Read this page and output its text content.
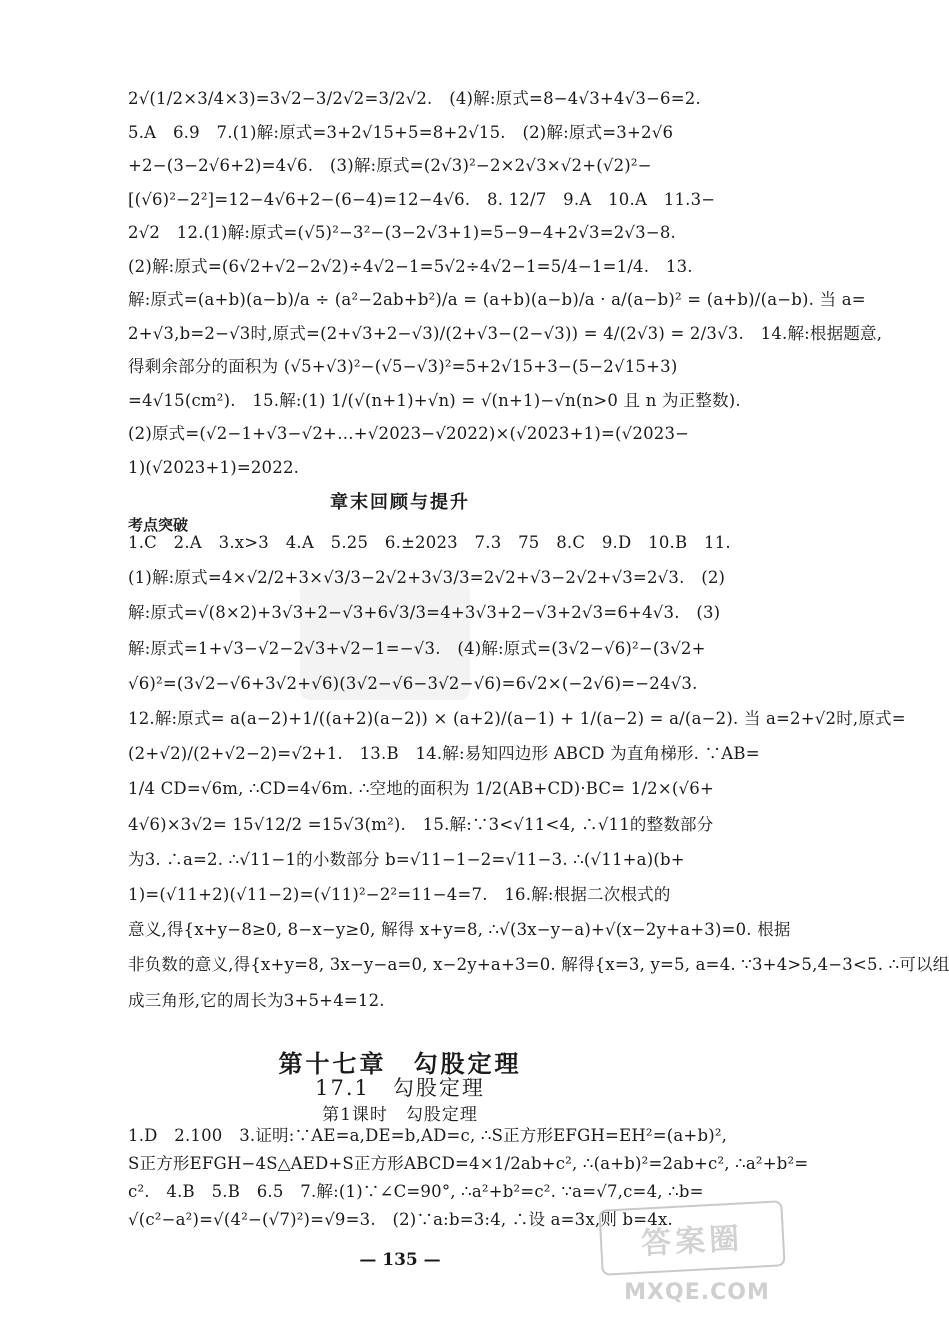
2√(1/2×3/4×3)=3√2−3/2√2=3/2√2.　(4)解:原式=8−4√3+4√3−6=2.
5.A　6.9　7.(1)解:原式=3+2√15+5=8+2√15.　(2)解:原式=3+2√6
+2−(3−2√6+2)=4√6.　(3)解:原式=(2√3)²−2×2√3×√2+(√2)²−
[(√6)²−2²]=12−4√6+2−(6−4)=12−4√6.　8. 12/7　9.A　10.A　11.3−
2√2　12.(1)解:原式=(√5)²−3²−(3−2√3+1)=5−9−4+2√3=2√3−8.
(2)解:原式=(6√2+√2−2√2)÷4√2−1=5√2÷4√2−1=5/4−1=1/4.　13.
解:原式=(a+b)(a−b)/a ÷ (a²−2ab+b²)/a = (a+b)(a−b)/a · a/(a−b)² = (a+b)/(a−b). 当 a=
2+√3,b=2−√3时,原式=(2+√3+2−√3)/(2+√3−(2−√3)) = 4/(2√3) = 2/3√3.　14.解:根据题意,
得剩余部分的面积为 (√5+√3)²−(√5−√3)²=5+2√15+3−(5−2√15+3)
=4√15(cm²).　15.解:(1) 1/(√(n+1)+√n) = √(n+1)−√n(n>0 且 n 为正整数).
(2)原式=(√2−1+√3−√2+…+√2023−√2022)×(√2023+1)=(√2023−
1)(√2023+1)=2022.
章末回顾与提升
考点突破
1.C　2.A　3.x>3　4.A　5.25　6.±2023　7.3　75　8.C　9.D　10.B　11.
(1)解:原式=4×√2/2+3×√3/3−2√2+3√3/3=2√2+√3−2√2+√3=2√3.　(2)
解:原式=√(8×2)+3√3+2−√3+6√3/3=4+3√3+2−√3+2√3=6+4√3.　(3)
解:原式=1+√3−√2−2√3+√2−1=−√3.　(4)解:原式=(3√2−√6)²−(3√2+
√6)²=(3√2−√6+3√2+√6)(3√2−√6−3√2−√6)=6√2×(−2√6)=−24√3.
12.解:原式= a(a−2)+1/((a+2)(a−2)) × (a+2)/(a−1) + 1/(a−2) = a/(a−2). 当 a=2+√2时,原式=
(2+√2)/(2+√2−2)=√2+1.　13.B　14.解:易知四边形 ABCD 为直角梯形. ∵AB=
1/4 CD=√6m, ∴CD=4√6m. ∴空地的面积为 1/2(AB+CD)·BC= 1/2×(√6+
4√6)×3√2= 15√12/2 =15√3(m²).　15.解:∵3<√11<4, ∴√11的整数部分
为3. ∴a=2. ∴√11−1的小数部分 b=√11−1−2=√11−3. ∴(√11+a)(b+
1)=(√11+2)(√11−2)=(√11)²−2²=11−4=7.　16.解:根据二次根式的
意义,得{x+y−8≥0, 8−x−y≥0, 解得 x+y=8, ∴√(3x−y−a)+√(x−2y+a+3)=0. 根据
非负数的意义,得{x+y=8, 3x−y−a=0, x−2y+a+3=0. 解得{x=3, y=5, a=4. ∵3+4>5,4−3<5. ∴可以组
成三角形,它的周长为3+5+4=12.
第十七章　勾股定理
17.1　勾股定理
第1课时　勾股定理
1.D　2.100　3.证明:∵AE=a,DE=b,AD=c, ∴S正方形EFGH=EH²=(a+b)²,
S正方形EFGH−4S△AED+S正方形ABCD=4×1/2ab+c², ∴(a+b)²=2ab+c², ∴a²+b²=
c².　4.B　5.B　6.5　7.解:(1)∵∠C=90°, ∴a²+b²=c². ∵a=√7,c=4, ∴b=
√(c²−a²)=√(4²−(√7)²)=√9=3.　(2)∵a:b=3:4, ∴设 a=3x,则 b=4x.
— 135 —	答案圈
MXQE.COM
